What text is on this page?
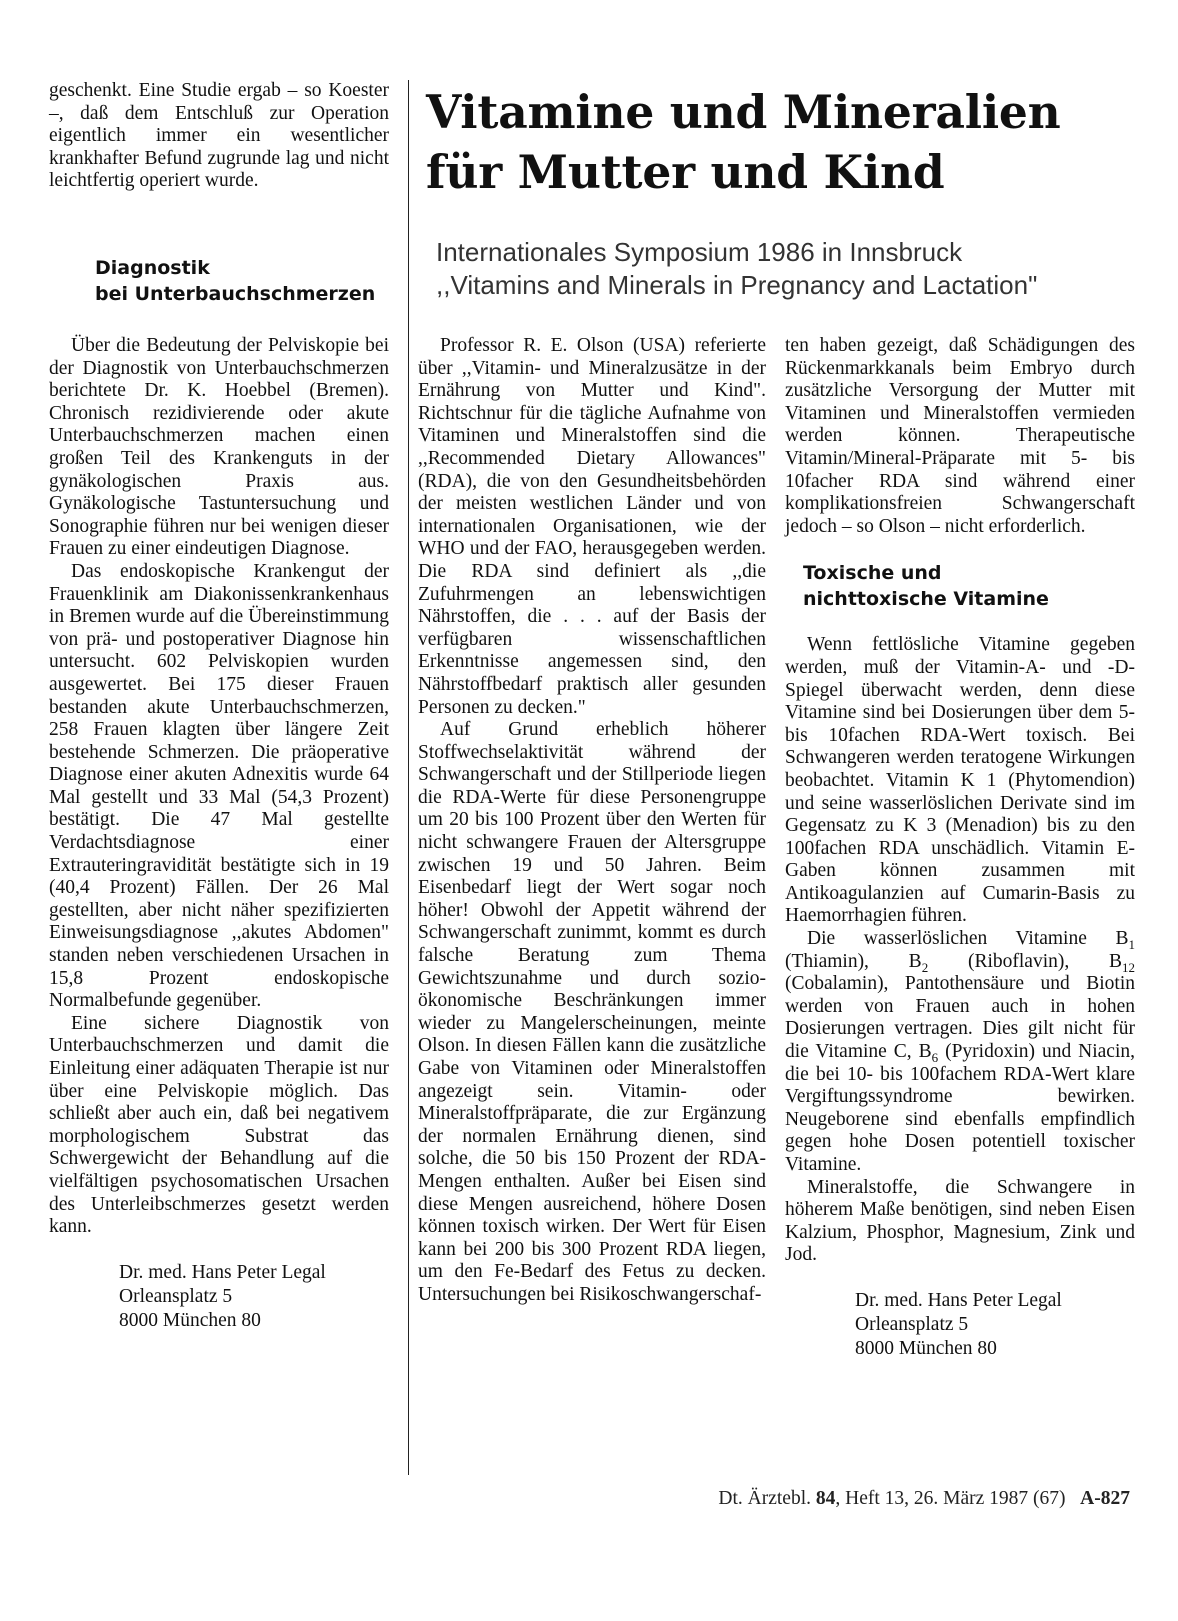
geschenkt. Eine Studie ergab – so Koester –, daß dem Entschluß zur Operation eigentlich immer ein wesentlicher krankhafter Befund zugrunde lag und nicht leichtfertig operiert wurde.

Diagnostik
bei Unterbauchschmerzen

Über die Bedeutung der Pelviskopie bei der Diagnostik von Unterbauchschmerzen berichtete Dr. K. Hoebbel (Bremen). Chronisch rezidivierende oder akute Unterbauchschmerzen machen einen großen Teil des Krankenguts in der gynäkologischen Praxis aus. Gynäkologische Tastuntersuchung und Sonographie führen nur bei wenigen dieser Frauen zu einer eindeutigen Diagnose.

Das endoskopische Krankengut der Frauenklinik am Diakonissenkrankenhaus in Bremen wurde auf die Übereinstimmung von prä- und postoperativer Diagnose hin untersucht. 602 Pelviskopien wurden ausgewertet. Bei 175 dieser Frauen bestanden akute Unterbauchschmerzen, 258 Frauen klagten über längere Zeit bestehende Schmerzen. Die präoperative Diagnose einer akuten Adnexitis wurde 64 Mal gestellt und 33 Mal (54,3 Prozent) bestätigt. Die 47 Mal gestellte Verdachtsdiagnose einer Extrauteringravidität bestätigte sich in 19 (40,4 Prozent) Fällen. Der 26 Mal gestellten, aber nicht näher spezifizierten Einweisungsdiagnose ,,akutes Abdomen" standen neben verschiedenen Ursachen in 15,8 Prozent endoskopische Normalbefunde gegenüber.

Eine sichere Diagnostik von Unterbauchschmerzen und damit die Einleitung einer adäquaten Therapie ist nur über eine Pelviskopie möglich. Das schließt aber auch ein, daß bei negativem morphologischem Substrat das Schwergewicht der Behandlung auf die vielfältigen psychosomatischen Ursachen des Unterleibschmerzes gesetzt werden kann.

Dr. med. Hans Peter Legal
Orleansplatz 5
8000 München 80
Vitamine und Mineralien
für Mutter und Kind
Internationales Symposium 1986 in Innsbruck
,,Vitamins and Minerals in Pregnancy and Lactation"

Professor R. E. Olson (USA) referierte über ,,Vitamin- und Mineralzusätze in der Ernährung von Mutter und Kind". Richtschnur für die tägliche Aufnahme von Vitaminen und Mineralstoffen sind die ,,Recommended Dietary Allowances" (RDA), die von den Gesundheitsbehörden der meisten westlichen Länder und von internationalen Organisationen, wie der WHO und der FAO, herausgegeben werden. Die RDA sind definiert als ,,die Zufuhrmengen an lebenswichtigen Nährstoffen, die . . . auf der Basis der verfügbaren wissenschaftlichen Erkenntnisse angemessen sind, den Nährstoffbedarf praktisch aller gesunden Personen zu decken."

Auf Grund erheblich höherer Stoffwechselaktivität während der Schwangerschaft und der Stillperiode liegen die RDA-Werte für diese Personengruppe um 20 bis 100 Prozent über den Werten für nicht schwangere Frauen der Altersgruppe zwischen 19 und 50 Jahren. Beim Eisenbedarf liegt der Wert sogar noch höher! Obwohl der Appetit während der Schwangerschaft zunimmt, kommt es durch falsche Beratung zum Thema Gewichtszunahme und durch sozio-ökonomische Beschränkungen immer wieder zu Mangelerscheinungen, meinte Olson. In diesen Fällen kann die zusätzliche Gabe von Vitaminen oder Mineralstoffen angezeigt sein. Vitamin- oder Mineralstoffpräparate, die zur Ergänzung der normalen Ernährung dienen, sind solche, die 50 bis 150 Prozent der RDA-Mengen enthalten. Außer bei Eisen sind diese Mengen ausreichend, höhere Dosen können toxisch wirken. Der Wert für Eisen kann bei 200 bis 300 Prozent RDA liegen, um den Fe-Bedarf des Fetus zu decken. Untersuchungen bei Risikoschwangerschaf-

ten haben gezeigt, daß Schädigungen des Rückenmarkkanals beim Embryo durch zusätzliche Versorgung der Mutter mit Vitaminen und Mineralstoffen vermieden werden können. Therapeutische Vitamin/Mineral-Präparate mit 5- bis 10facher RDA sind während einer komplikationsfreien Schwangerschaft jedoch – so Olson – nicht erforderlich.

Toxische und
nichttoxische Vitamine

Wenn fettlösliche Vitamine gegeben werden, muß der Vitamin-A- und -D-Spiegel überwacht werden, denn diese Vitamine sind bei Dosierungen über dem 5- bis 10fachen RDA-Wert toxisch. Bei Schwangeren werden teratogene Wirkungen beobachtet. Vitamin K 1 (Phytomendion) und seine wasserlöslichen Derivate sind im Gegensatz zu K 3 (Menadion) bis zu den 100fachen RDA unschädlich. Vitamin E-Gaben können zusammen mit Antikoagulanzien auf Cumarin-Basis zu Haemorrhagien führen.

Die wasserlöslichen Vitamine $B_1$ (Thiamin), $B_2$ (Riboflavin), $B_{12}$ (Cobalamin), Pantothensäure und Biotin werden von Frauen auch in hohen Dosierungen vertragen. Dies gilt nicht für die Vitamine C, $B_6$ (Pyridoxin) und Niacin, die bei 10- bis 100fachem RDA-Wert klare Vergiftungssyndrome bewirken. Neugeborene sind ebenfalls empfindlich gegen hohe Dosen potentiell toxischer Vitamine.

Mineralstoffe, die Schwangere in höherem Maße benötigen, sind neben Eisen Kalzium, Phosphor, Magnesium, Zink und Jod.

Dr. med. Hans Peter Legal
Orleansplatz 5
8000 München 80
Dt. Ärztebl. 84, Heft 13, 26. März 1987 (67) A-827
